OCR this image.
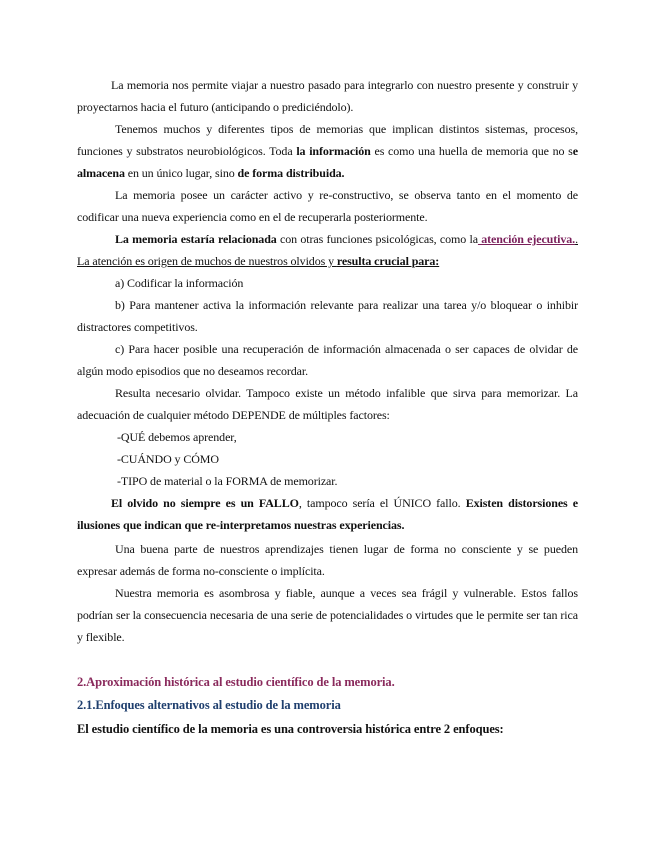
La memoria nos permite viajar a nuestro pasado para integrarlo con nuestro presente y construir y proyectarnos hacia el futuro (anticipando o prediciéndolo).

Tenemos muchos y diferentes tipos de memorias que implican distintos sistemas, procesos, funciones y substratos neurobiológicos. Toda la información es como una huella de memoria que no se almacena en un único lugar, sino de forma distribuida.

La memoria posee un carácter activo y re-constructivo, se observa tanto en el momento de codificar una nueva experiencia como en el de recuperarla posteriormente.

La memoria estaría relacionada con otras funciones psicológicas, como la atención ejecutiva.. La atención es origen de muchos de nuestros olvidos y resulta crucial para:

a) Codificar la información

b) Para mantener activa la información relevante para realizar una tarea y/o bloquear o inhibir distractores competitivos.

c) Para hacer posible una recuperación de información almacenada o ser capaces de olvidar de algún modo episodios que no deseamos recordar.

Resulta necesario olvidar. Tampoco existe un método infalible que sirva para memorizar. La adecuación de cualquier método DEPENDE de múltiples factores:

-QUÉ debemos aprender,

-CUÁNDO y CÓMO

-TIPO de material o la FORMA de memorizar.

El olvido no siempre es un FALLO, tampoco sería el ÚNICO fallo. Existen distorsiones e ilusiones que indican que re-interpretamos nuestras experiencias.

Una buena parte de nuestros aprendizajes tienen lugar de forma no consciente y se pueden expresar además de forma no-consciente o implícita.

Nuestra memoria es asombrosa y fiable, aunque a veces sea frágil y vulnerable. Estos fallos podrían ser la consecuencia necesaria de una serie de potencialidades o virtudes que le permite ser tan rica y flexible.

2.Aproximación histórica al estudio científico de la memoria.
2.1.Enfoques alternativos al estudio de la memoria
El estudio científico de la memoria es una controversia histórica entre 2 enfoques:
